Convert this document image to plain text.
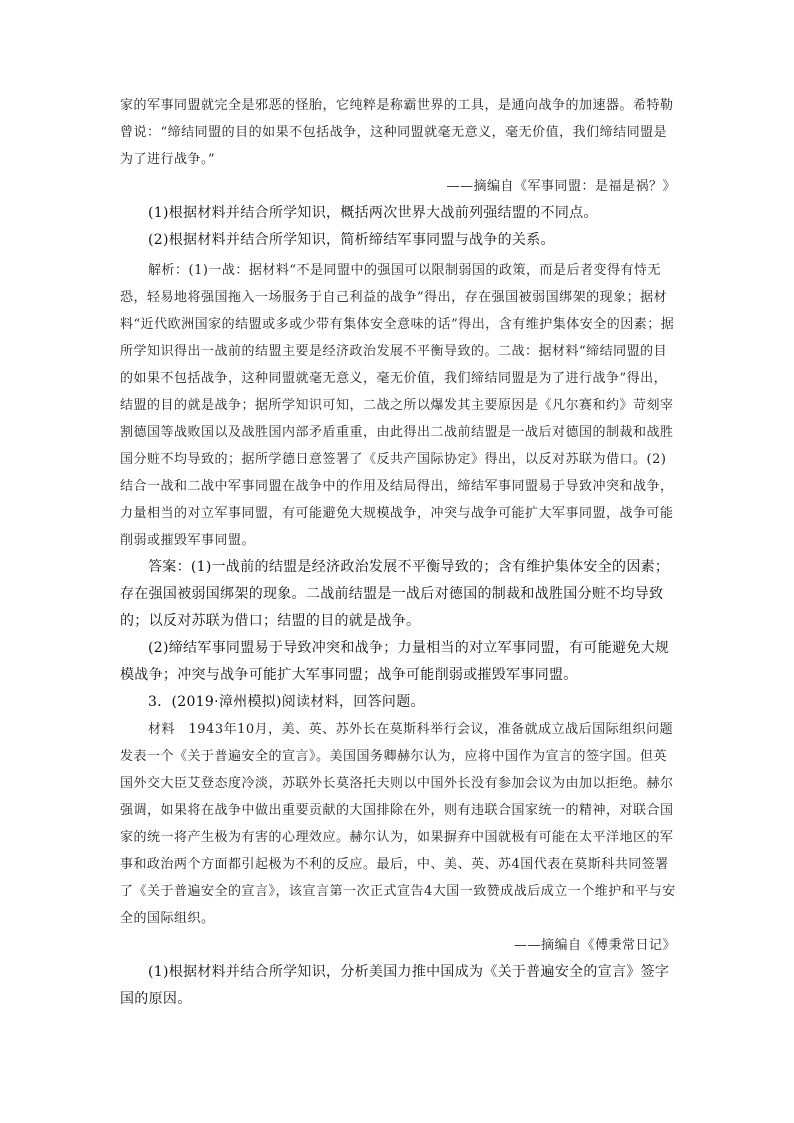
家的军事同盟就完全是邪恶的怪胎，它纯粹是称霸世界的工具，是通向战争的加速器。希特勒曾说：“缔结同盟的目的如果不包括战争，这种同盟就毫无意义，毫无价值，我们缔结同盟是为了进行战争。”

——摘编自《军事同盟：是福是祸？》

(1)根据材料并结合所学知识，概括两次世界大战前列强结盟的不同点。

(2)根据材料并结合所学知识，简析缔结军事同盟与战争的关系。

解析：(1)一战：据材料“不是同盟中的强国可以限制弱国的政策，而是后者变得有恃无恐，轻易地将强国拖入一场服务于自己利益的战争”得出，存在强国被弱国绑架的现象；据材料“近代欧洲国家的结盟或多或少带有集体安全意味的话”得出，含有维护集体安全的因素；据所学知识得出一战前的结盟主要是经济政治发展不平衡导致的。二战：据材料“缔结同盟的目的如果不包括战争，这种同盟就毫无意义，毫无价值，我们缔结同盟是为了进行战争”得出，结盟的目的就是战争；据所学知识可知，二战之所以爆发其主要原因是《凡尔赛和约》苛刻宰割德国等战败国以及战胜国内部矛盾重重，由此得出二战前结盟是一战后对德国的制裁和战胜国分赃不均导致的；据所学德日意签署了《反共产国际协定》得出，以反对苏联为借口。(2)结合一战和二战中军事同盟在战争中的作用及结局得出，缔结军事同盟易于导致冲突和战争，力量相当的对立军事同盟，有可能避免大规模战争，冲突与战争可能扩大军事同盟，战争可能削弱或摧毁军事同盟。

答案：(1)一战前的结盟是经济政治发展不平衡导致的；含有维护集体安全的因素；存在强国被弱国绑架的现象。二战前结盟是一战后对德国的制裁和战胜国分赃不均导致的；以反对苏联为借口；结盟的目的就是战争。

(2)缔结军事同盟易于导致冲突和战争；力量相当的对立军事同盟，有可能避免大规模战争；冲突与战争可能扩大军事同盟；战争可能削弱或摧毁军事同盟。

3．(2019·漳州模拟)阅读材料，回答问题。

材料　1943年10月，美、英、苏外长在莫斯科举行会议，准备就成立战后国际组织问题发表一个《关于普遍安全的宣言》。美国国务卿赫尔认为，应将中国作为宣言的签字国。但英国外交大臣艾登态度冷淡，苏联外长莫洛托夫则以中国外长没有参加会议为由加以拒绝。赫尔强调，如果将在战争中做出重要贡献的大国排除在外，则有违联合国家统一的精神，对联合国家的统一将产生极为有害的心理效应。赫尔认为，如果摒弃中国就极有可能在太平洋地区的军事和政治两个方面都引起极为不利的反应。最后，中、美、英、苏4国代表在莫斯科共同签署了《关于普遍安全的宣言》，该宣言第一次正式宣告4大国一致赞成战后成立一个维护和平与安全的国际组织。

——摘编自《傅秉常日记》

(1)根据材料并结合所学知识，分析美国力推中国成为《关于普遍安全的宣言》签字国的原因。
